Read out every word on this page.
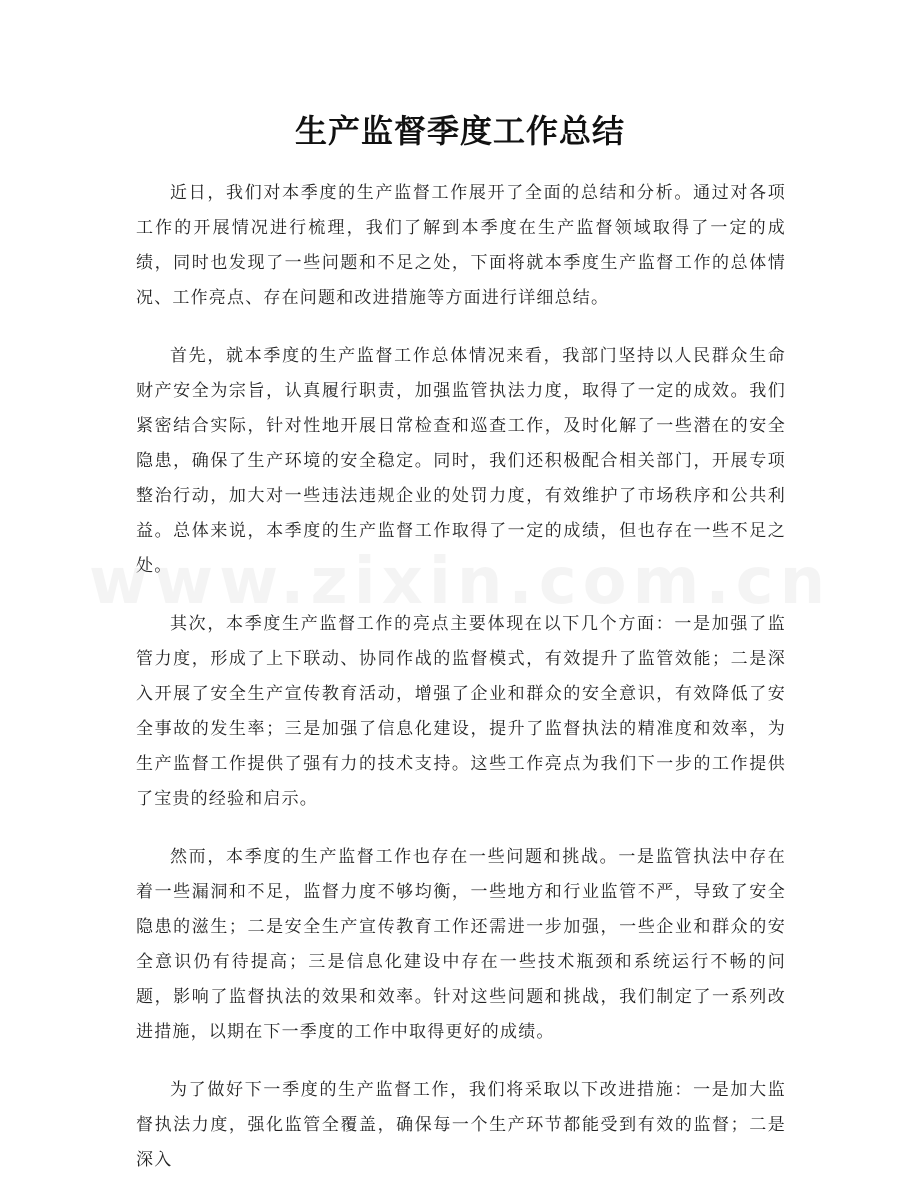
生产监督季度工作总结

近日，我们对本季度的生产监督工作展开了全面的总结和分析。通过对各项工作的开展情况进行梳理，我们了解到本季度在生产监督领域取得了一定的成绩，同时也发现了一些问题和不足之处，下面将就本季度生产监督工作的总体情况、工作亮点、存在问题和改进措施等方面进行详细总结。

首先，就本季度的生产监督工作总体情况来看，我部门坚持以人民群众生命财产安全为宗旨，认真履行职责，加强监管执法力度，取得了一定的成效。我们紧密结合实际，针对性地开展日常检查和巡查工作，及时化解了一些潜在的安全隐患，确保了生产环境的安全稳定。同时，我们还积极配合相关部门，开展专项整治行动，加大对一些违法违规企业的处罚力度，有效维护了市场秩序和公共利益。总体来说，本季度的生产监督工作取得了一定的成绩，但也存在一些不足之处。

其次，本季度生产监督工作的亮点主要体现在以下几个方面：一是加强了监管力度，形成了上下联动、协同作战的监督模式，有效提升了监管效能；二是深入开展了安全生产宣传教育活动，增强了企业和群众的安全意识，有效降低了安全事故的发生率；三是加强了信息化建设，提升了监督执法的精准度和效率，为生产监督工作提供了强有力的技术支持。这些工作亮点为我们下一步的工作提供了宝贵的经验和启示。

然而，本季度的生产监督工作也存在一些问题和挑战。一是监管执法中存在着一些漏洞和不足，监督力度不够均衡，一些地方和行业监管不严，导致了安全隐患的滋生；二是安全生产宣传教育工作还需进一步加强，一些企业和群众的安全意识仍有待提高；三是信息化建设中存在一些技术瓶颈和系统运行不畅的问题，影响了监督执法的效果和效率。针对这些问题和挑战，我们制定了一系列改进措施，以期在下一季度的工作中取得更好的成绩。

为了做好下一季度的生产监督工作，我们将采取以下改进措施：一是加大监督执法力度，强化监管全覆盖，确保每一个生产环节都能受到有效的监督；二是深入
